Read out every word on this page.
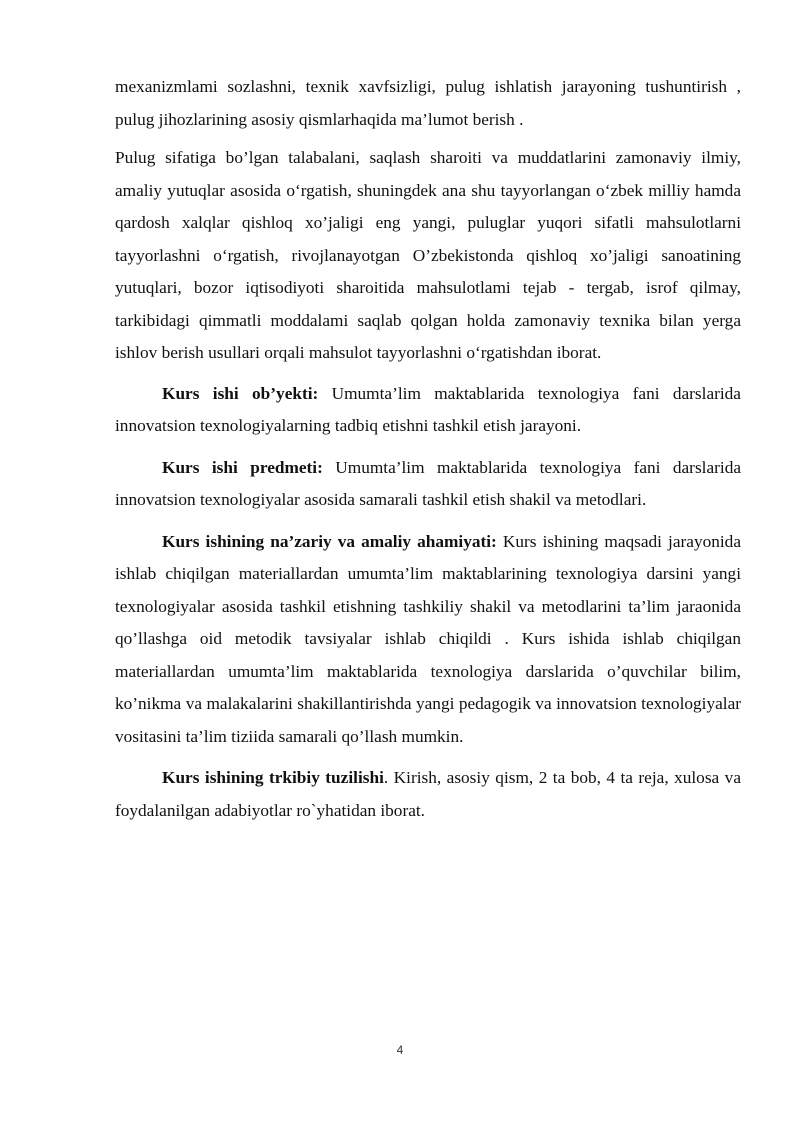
mexanizmlami sozlashni, texnik xavfsizligi, pulug ishlatish jarayoning tushuntirish , pulug jihozlarining asosiy qismlarhaqida ma’lumot berish .

Pulug sifatiga bo’lgan talabalani, saqlash sharoiti va muddatlarini zamonaviy ilmiy, amaliy yutuqlar asosida o‘rgatish, shuningdek ana shu tayyorlangan o‘zbek milliy hamda qardosh xalqlar qishloq xo’jaligi eng yangi, puluglar yuqori sifatli mahsulotlarni tayyorlashni o‘rgatish, rivojlanayotgan O’zbekistonda qishloq xo’jaligi sanoatining yutuqlari, bozor iqtisodiyoti sharoitida mahsulotlami tejab - tergab, isrof qilmay, tarkibidagi qimmatli moddalami saqlab qolgan holda zamonaviy texnika bilan yerga ishlov berish usullari orqali mahsulot tayyorlashni o‘rgatishdan iborat.

Kurs ishi ob’yekti: Umumta’lim maktablarida texnologiya fani darslarida innovatsion texnologiyalarning tadbiq etishni tashkil etish jarayoni.

Kurs ishi predmeti: Umumta’lim maktablarida texnologiya fani darslarida innovatsion texnologiyalar asosida samarali tashkil etish shakil va metodlari.

Kurs ishining na’zariy va amaliy ahamiyati: Kurs ishining maqsadi jarayonida ishlab chiqilgan materiallardan umumta’lim maktablarining texnologiya darsini yangi texnologiyalar asosida tashkil etishning tashkiliy shakil va metodlarini ta’lim jaraonida qo’llashga oid metodik tavsiyalar ishlab chiqildi . Kurs ishida ishlab chiqilgan materiallardan umumta’lim maktablarida texnologiya darslarida o’quvchilar bilim, ko’nikma va malakalarini shakillantirishda yangi pedagogik va innovatsion texnologiyalar vositasini ta’lim tiziida samarali qo’llash mumkin.

Kurs ishining trkibiy tuzilishi. Kirish, asosiy qism, 2 ta bob, 4 ta reja, xulosa va foydalanilgan adabiyotlar ro`yhatidan iborat.

4
